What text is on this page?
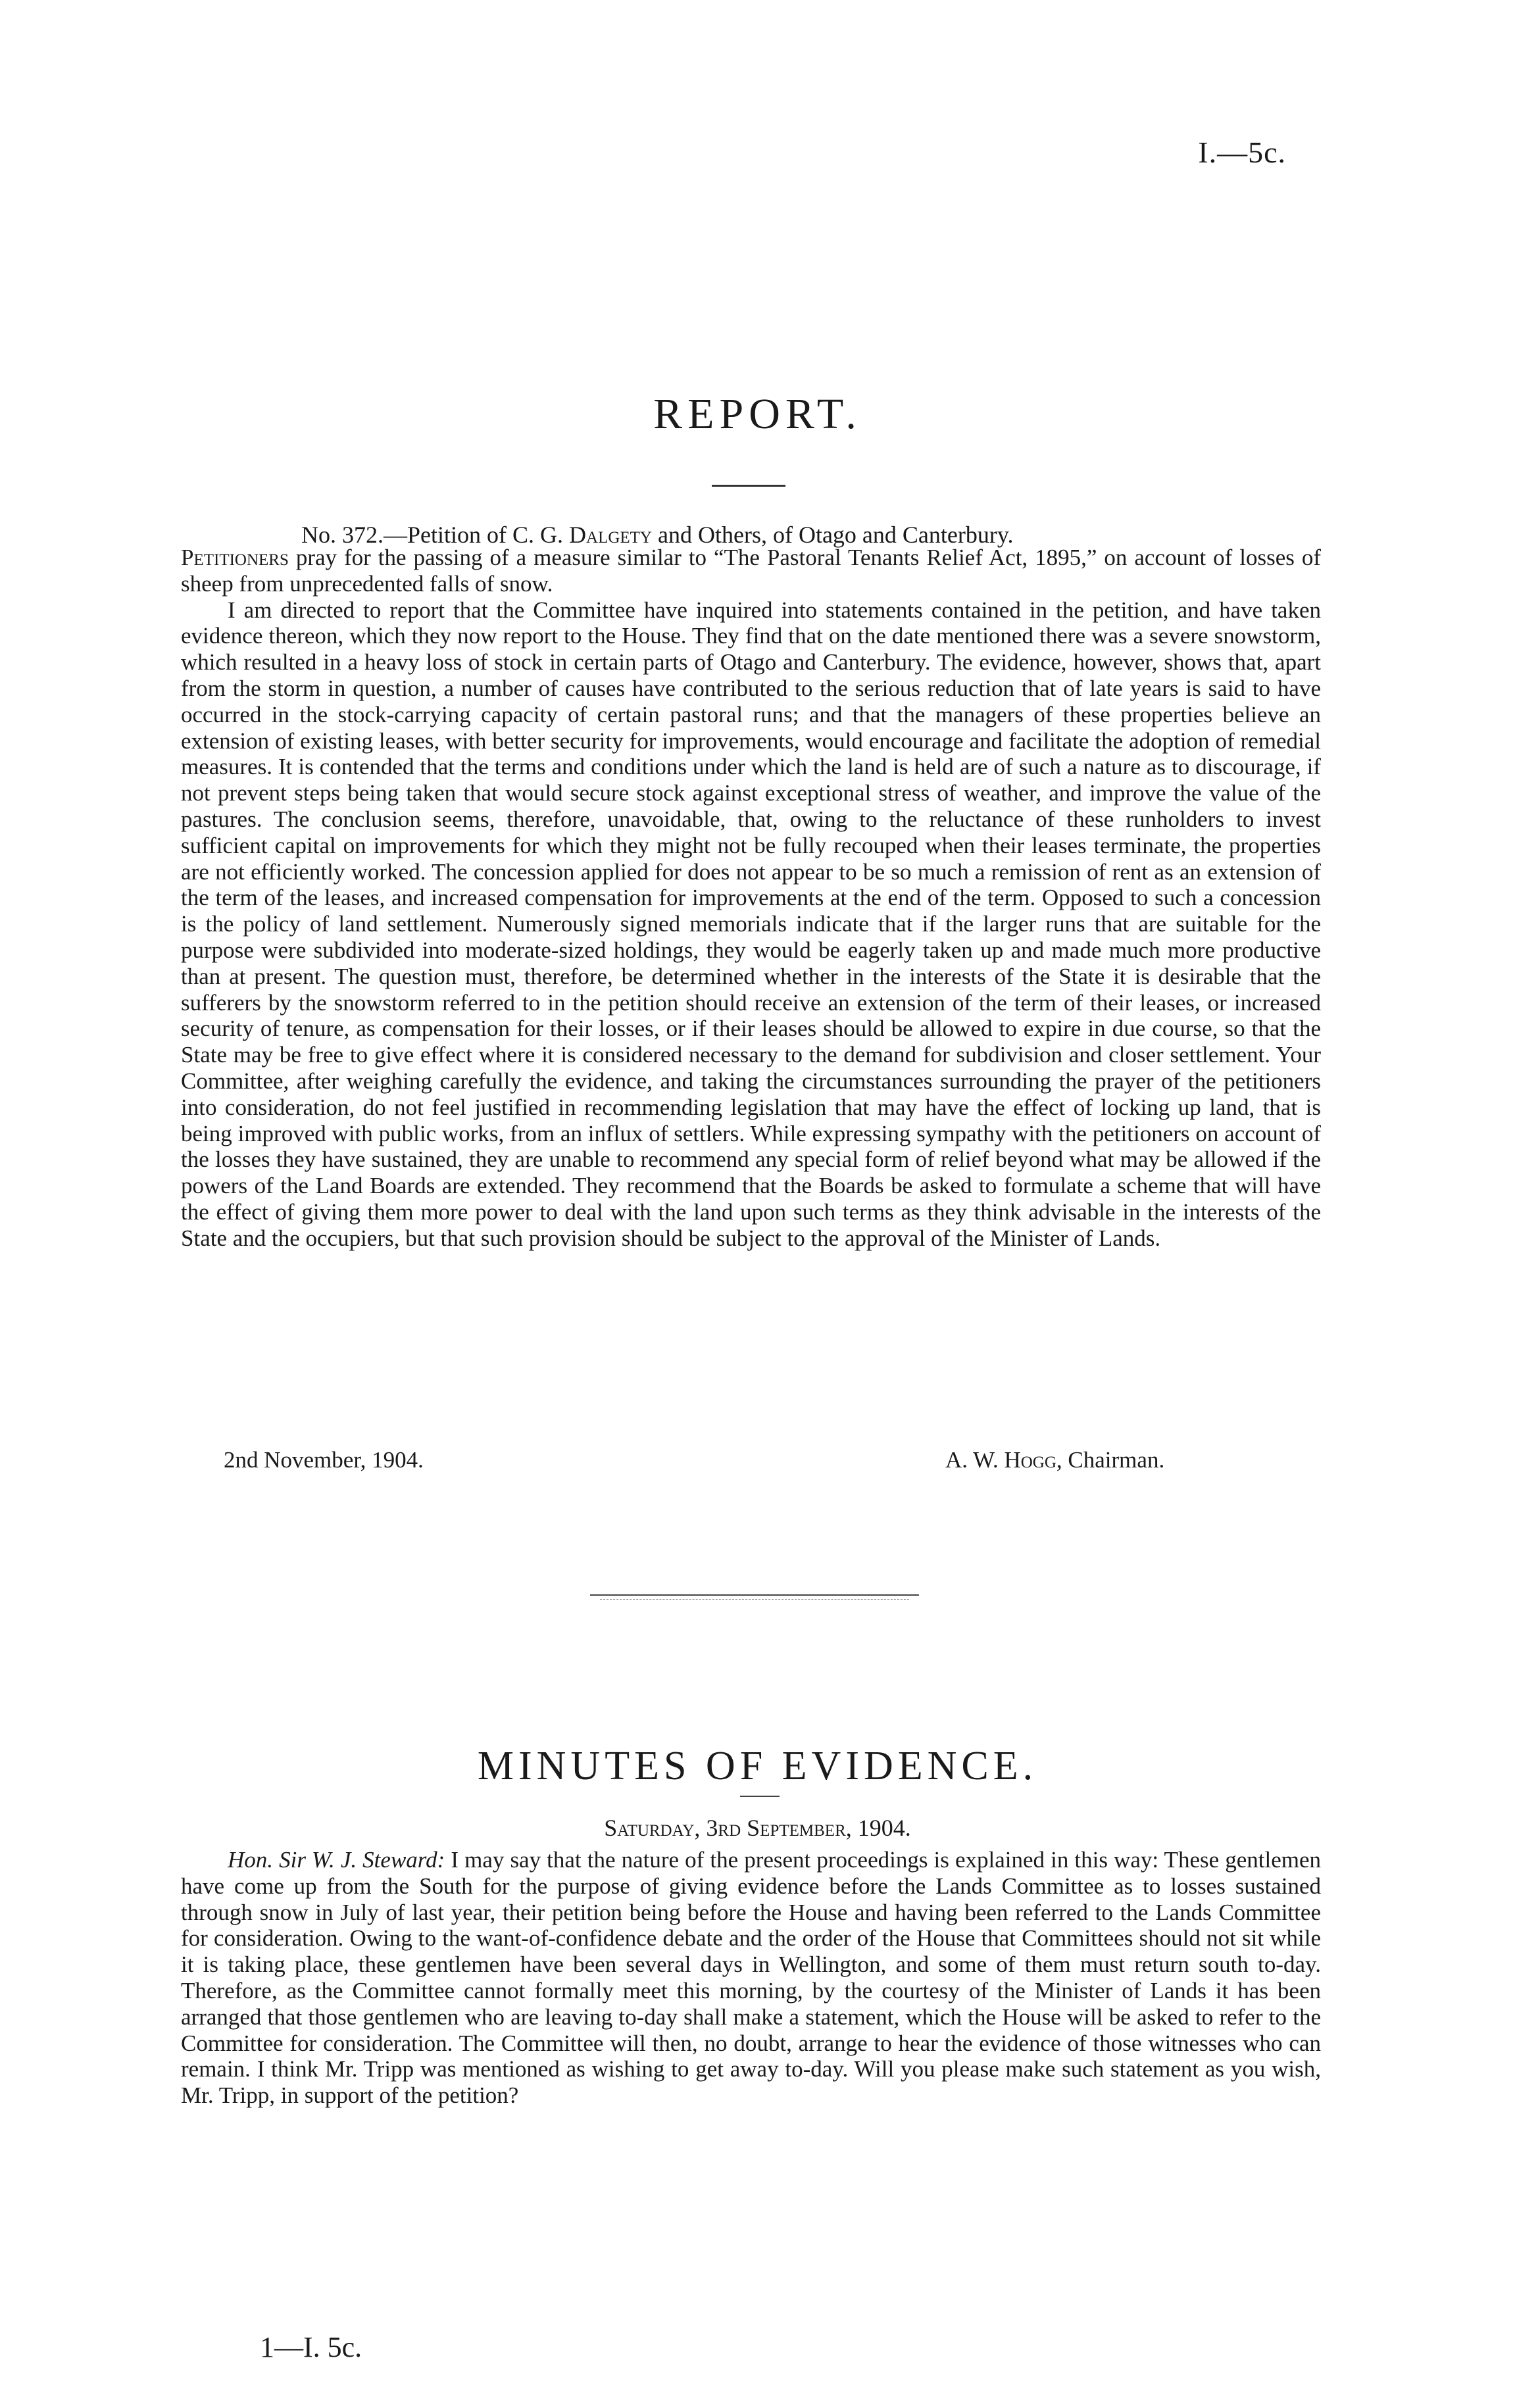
I.—5c.
REPORT.
No. 372.—Petition of C. G. Dalgety and Others, of Otago and Canterbury.

Petitioners pray for the passing of a measure similar to “The Pastoral Tenants Relief Act, 1895,” on account of losses of sheep from unprecedented falls of snow.

I am directed to report that the Committee have inquired into statements contained in the petition, and have taken evidence thereon, which they now report to the House. They find that on the date mentioned there was a severe snowstorm, which resulted in a heavy loss of stock in certain parts of Otago and Canterbury. The evidence, however, shows that, apart from the storm in question, a number of causes have contributed to the serious reduction that of late years is said to have occurred in the stock-carrying capacity of certain pastoral runs; and that the managers of these properties believe an extension of existing leases, with better security for improvements, would encourage and facilitate the adoption of remedial measures. It is contended that the terms and conditions under which the land is held are of such a nature as to discourage, if not prevent steps being taken that would secure stock against exceptional stress of weather, and improve the value of the pastures. The conclusion seems, therefore, unavoidable, that, owing to the reluctance of these runholders to invest sufficient capital on improvements for which they might not be fully recouped when their leases terminate, the properties are not efficiently worked. The concession applied for does not appear to be so much a remission of rent as an extension of the term of the leases, and increased compensation for improvements at the end of the term. Opposed to such a concession is the policy of land settlement. Numerously signed memorials indicate that if the larger runs that are suitable for the purpose were subdivided into moderate-sized holdings, they would be eagerly taken up and made much more productive than at present. The question must, therefore, be determined whether in the interests of the State it is desirable that the sufferers by the snowstorm referred to in the petition should receive an extension of the term of their leases, or increased security of tenure, as compensation for their losses, or if their leases should be allowed to expire in due course, so that the State may be free to give effect where it is considered necessary to the demand for subdivision and closer settlement. Your Committee, after weighing carefully the evidence, and taking the circumstances surrounding the prayer of the petitioners into consideration, do not feel justified in recommending legislation that may have the effect of locking up land, that is being improved with public works, from an influx of settlers. While expressing sympathy with the petitioners on account of the losses they have sustained, they are unable to recommend any special form of relief beyond what may be allowed if the powers of the Land Boards are extended. They recommend that the Boards be asked to formulate a scheme that will have the effect of giving them more power to deal with the land upon such terms as they think advisable in the interests of the State and the occupiers, but that such provision should be subject to the approval of the Minister of Lands.

2nd November, 1904.	A. W. Hogg, Chairman.
MINUTES OF EVIDENCE.
Saturday, 3rd September, 1904.

Hon. Sir W. J. Steward: I may say that the nature of the present proceedings is explained in this way: These gentlemen have come up from the South for the purpose of giving evidence before the Lands Committee as to losses sustained through snow in July of last year, their petition being before the House and having been referred to the Lands Committee for consideration. Owing to the want-of-confidence debate and the order of the House that Committees should not sit while it is taking place, these gentlemen have been several days in Wellington, and some of them must return south to-day. Therefore, as the Committee cannot formally meet this morning, by the courtesy of the Minister of Lands it has been arranged that those gentlemen who are leaving to-day shall make a statement, which the House will be asked to refer to the Committee for consideration. The Committee will then, no doubt, arrange to hear the evidence of those witnesses who can remain. I think Mr. Tripp was mentioned as wishing to get away to-day. Will you please make such statement as you wish, Mr. Tripp, in support of the petition?

1—I. 5c.
